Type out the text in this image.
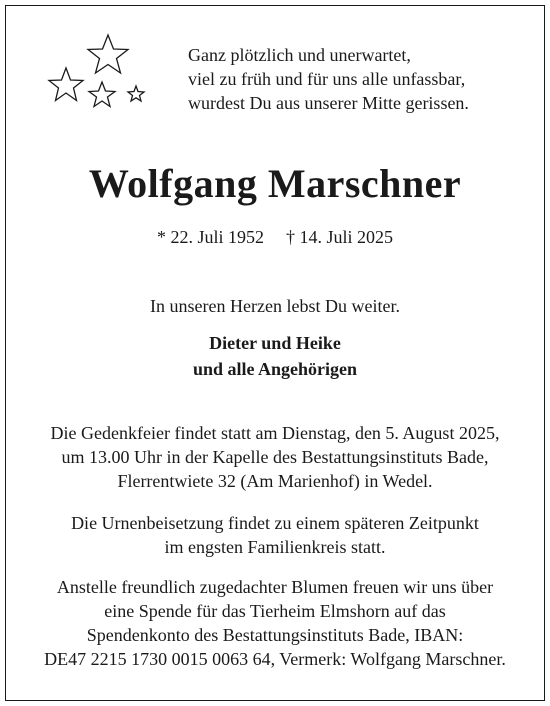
Ganz plötzlich und unerwartet,
viel zu früh und für uns alle unfassbar,
wurdest Du aus unserer Mitte gerissen.
Wolfgang Marschner
* 22. Juli 1952 † 14. Juli 2025
In unseren Herzen lebst Du weiter.
Dieter und Heike
und alle Angehörigen
Die Gedenkfeier findet statt am Dienstag, den 5. August 2025,
um 13.00 Uhr in der Kapelle des Bestattungsinstituts Bade,
Flerrentwiete 32 (Am Marienhof) in Wedel.
Die Urnenbeisetzung findet zu einem späteren Zeitpunkt
im engsten Familienkreis statt.
Anstelle freundlich zugedachter Blumen freuen wir uns über
eine Spende für das Tierheim Elmshorn auf das
Spendenkonto des Bestattungsinstituts Bade, IBAN:
DE47 2215 1730 0015 0063 64, Vermerk: Wolfgang Marschner.
